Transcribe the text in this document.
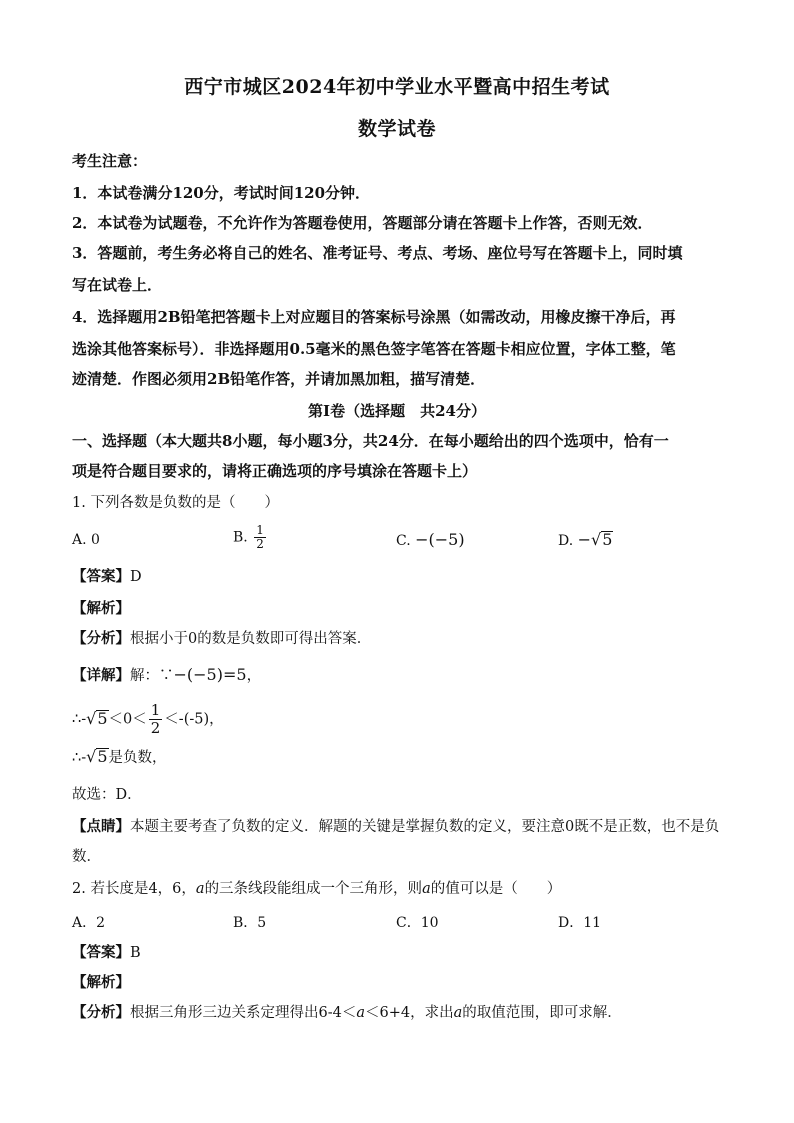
西宁市城区2024年初中学业水平暨高中招生考试
数学试卷
考生注意：
1．本试卷满分120分，考试时间120分钟．
2．本试卷为试题卷，不允许作为答题卷使用，答题部分请在答题卡上作答，否则无效．
3．答题前，考生务必将自己的姓名、准考证号、考点、考场、座位号写在答题卡上，同时填
写在试卷上．
4．选择题用2B铅笔把答题卡上对应题目的答案标号涂黑（如需改动，用橡皮擦干净后，再
选涂其他答案标号）．非选择题用0.5毫米的黑色签字笔答在答题卡相应位置，字体工整，笔
迹清楚．作图必须用2B铅笔作答，并请加黑加粗，描写清楚．
第I卷（选择题　共24分）
一、选择题（本大题共8小题，每小题3分，共24分．在每小题给出的四个选项中，恰有一
项是符合题目要求的，请将正确选项的序号填涂在答题卡上）
1. 下列各数是负数的是（　　）
A. 0	B. $\frac{1}{2}$	C. −(−5)	D. −√5
【答案】D
【解析】
【分析】根据小于0的数是负数即可得出答案．
【详解】解：∵−(−5)=5，
∴-√5＜0＜ $\frac{1}{2} <-(-5)$，
∴-√5是负数，
故选：D．
【点睛】本题主要考查了负数的定义．解题的关键是掌握负数的定义，要注意0既不是正数，也不是负
数．
2. 若长度是4，6，a的三条线段能组成一个三角形，则a的值可以是（　　）
A．2	B．5	C．10	D．11
【答案】B
【解析】
【分析】根据三角形三边关系定理得出6-4＜a＜6+4，求出a的取值范围，即可求解．
